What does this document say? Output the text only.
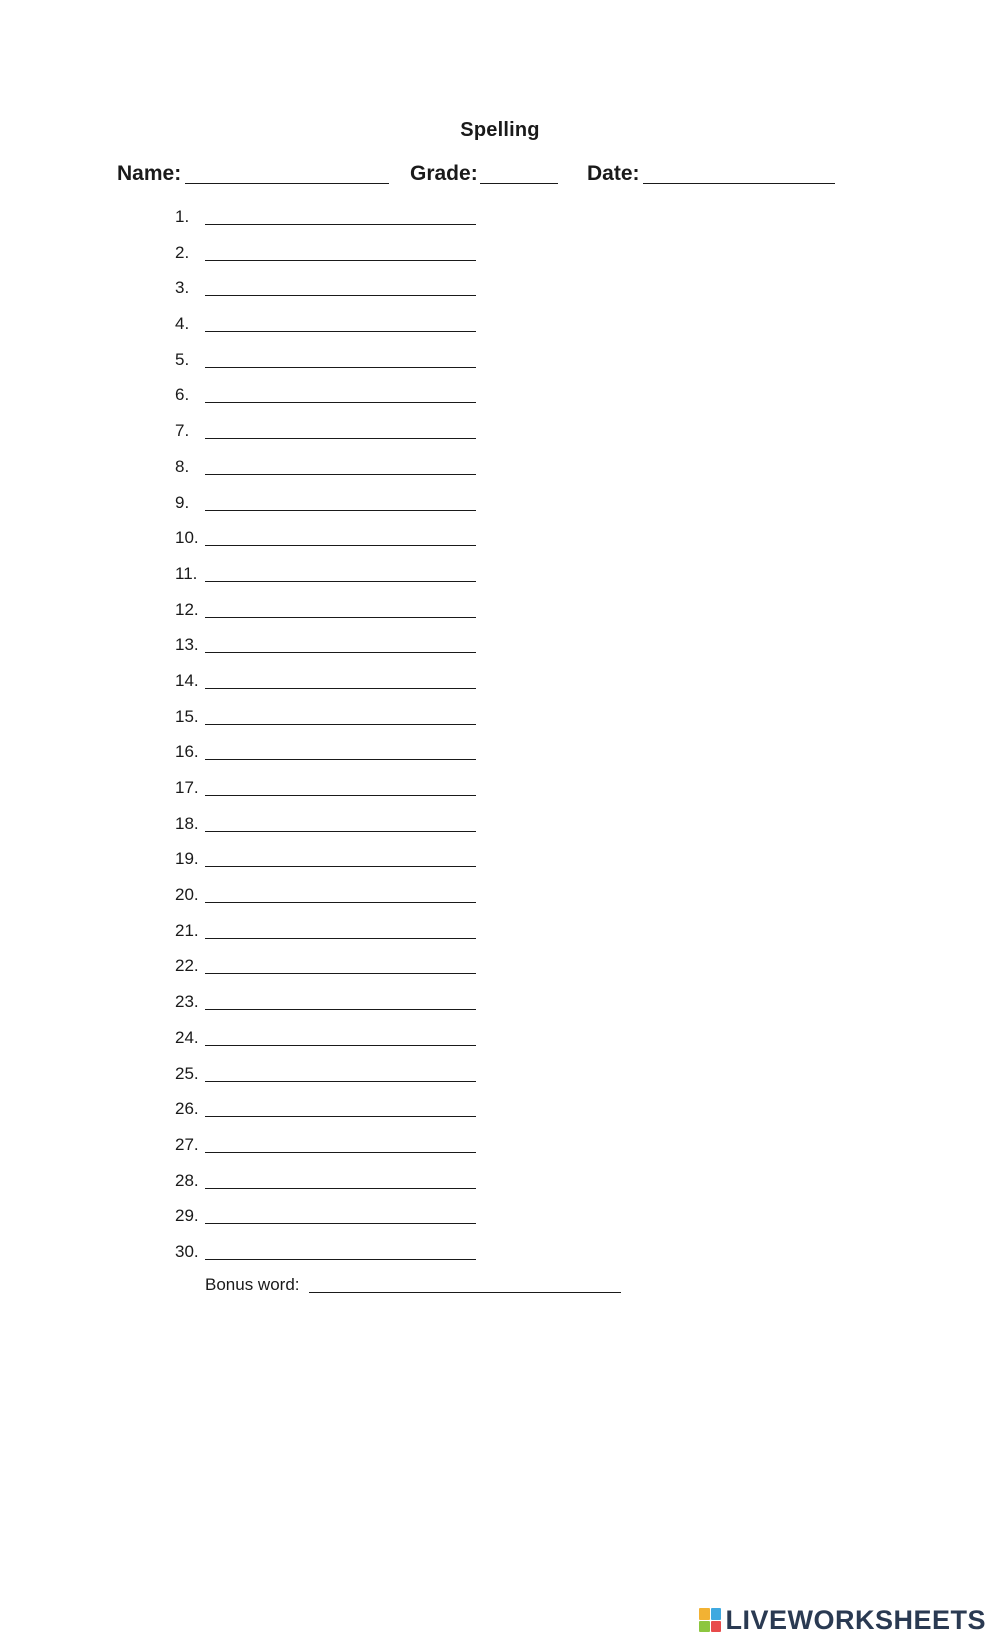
Spelling
Name:	Grade:	Date:
1.
2.
3.
4.
5.
6.
7.
8.
9.
10.
11.
12.
13.
14.
15.
16.
17.
18.
19.
20.
21.
22.
23.
24.
25.
26.
27.
28.
29.
30.
Bonus word:
LIVEWORKSHEETS
